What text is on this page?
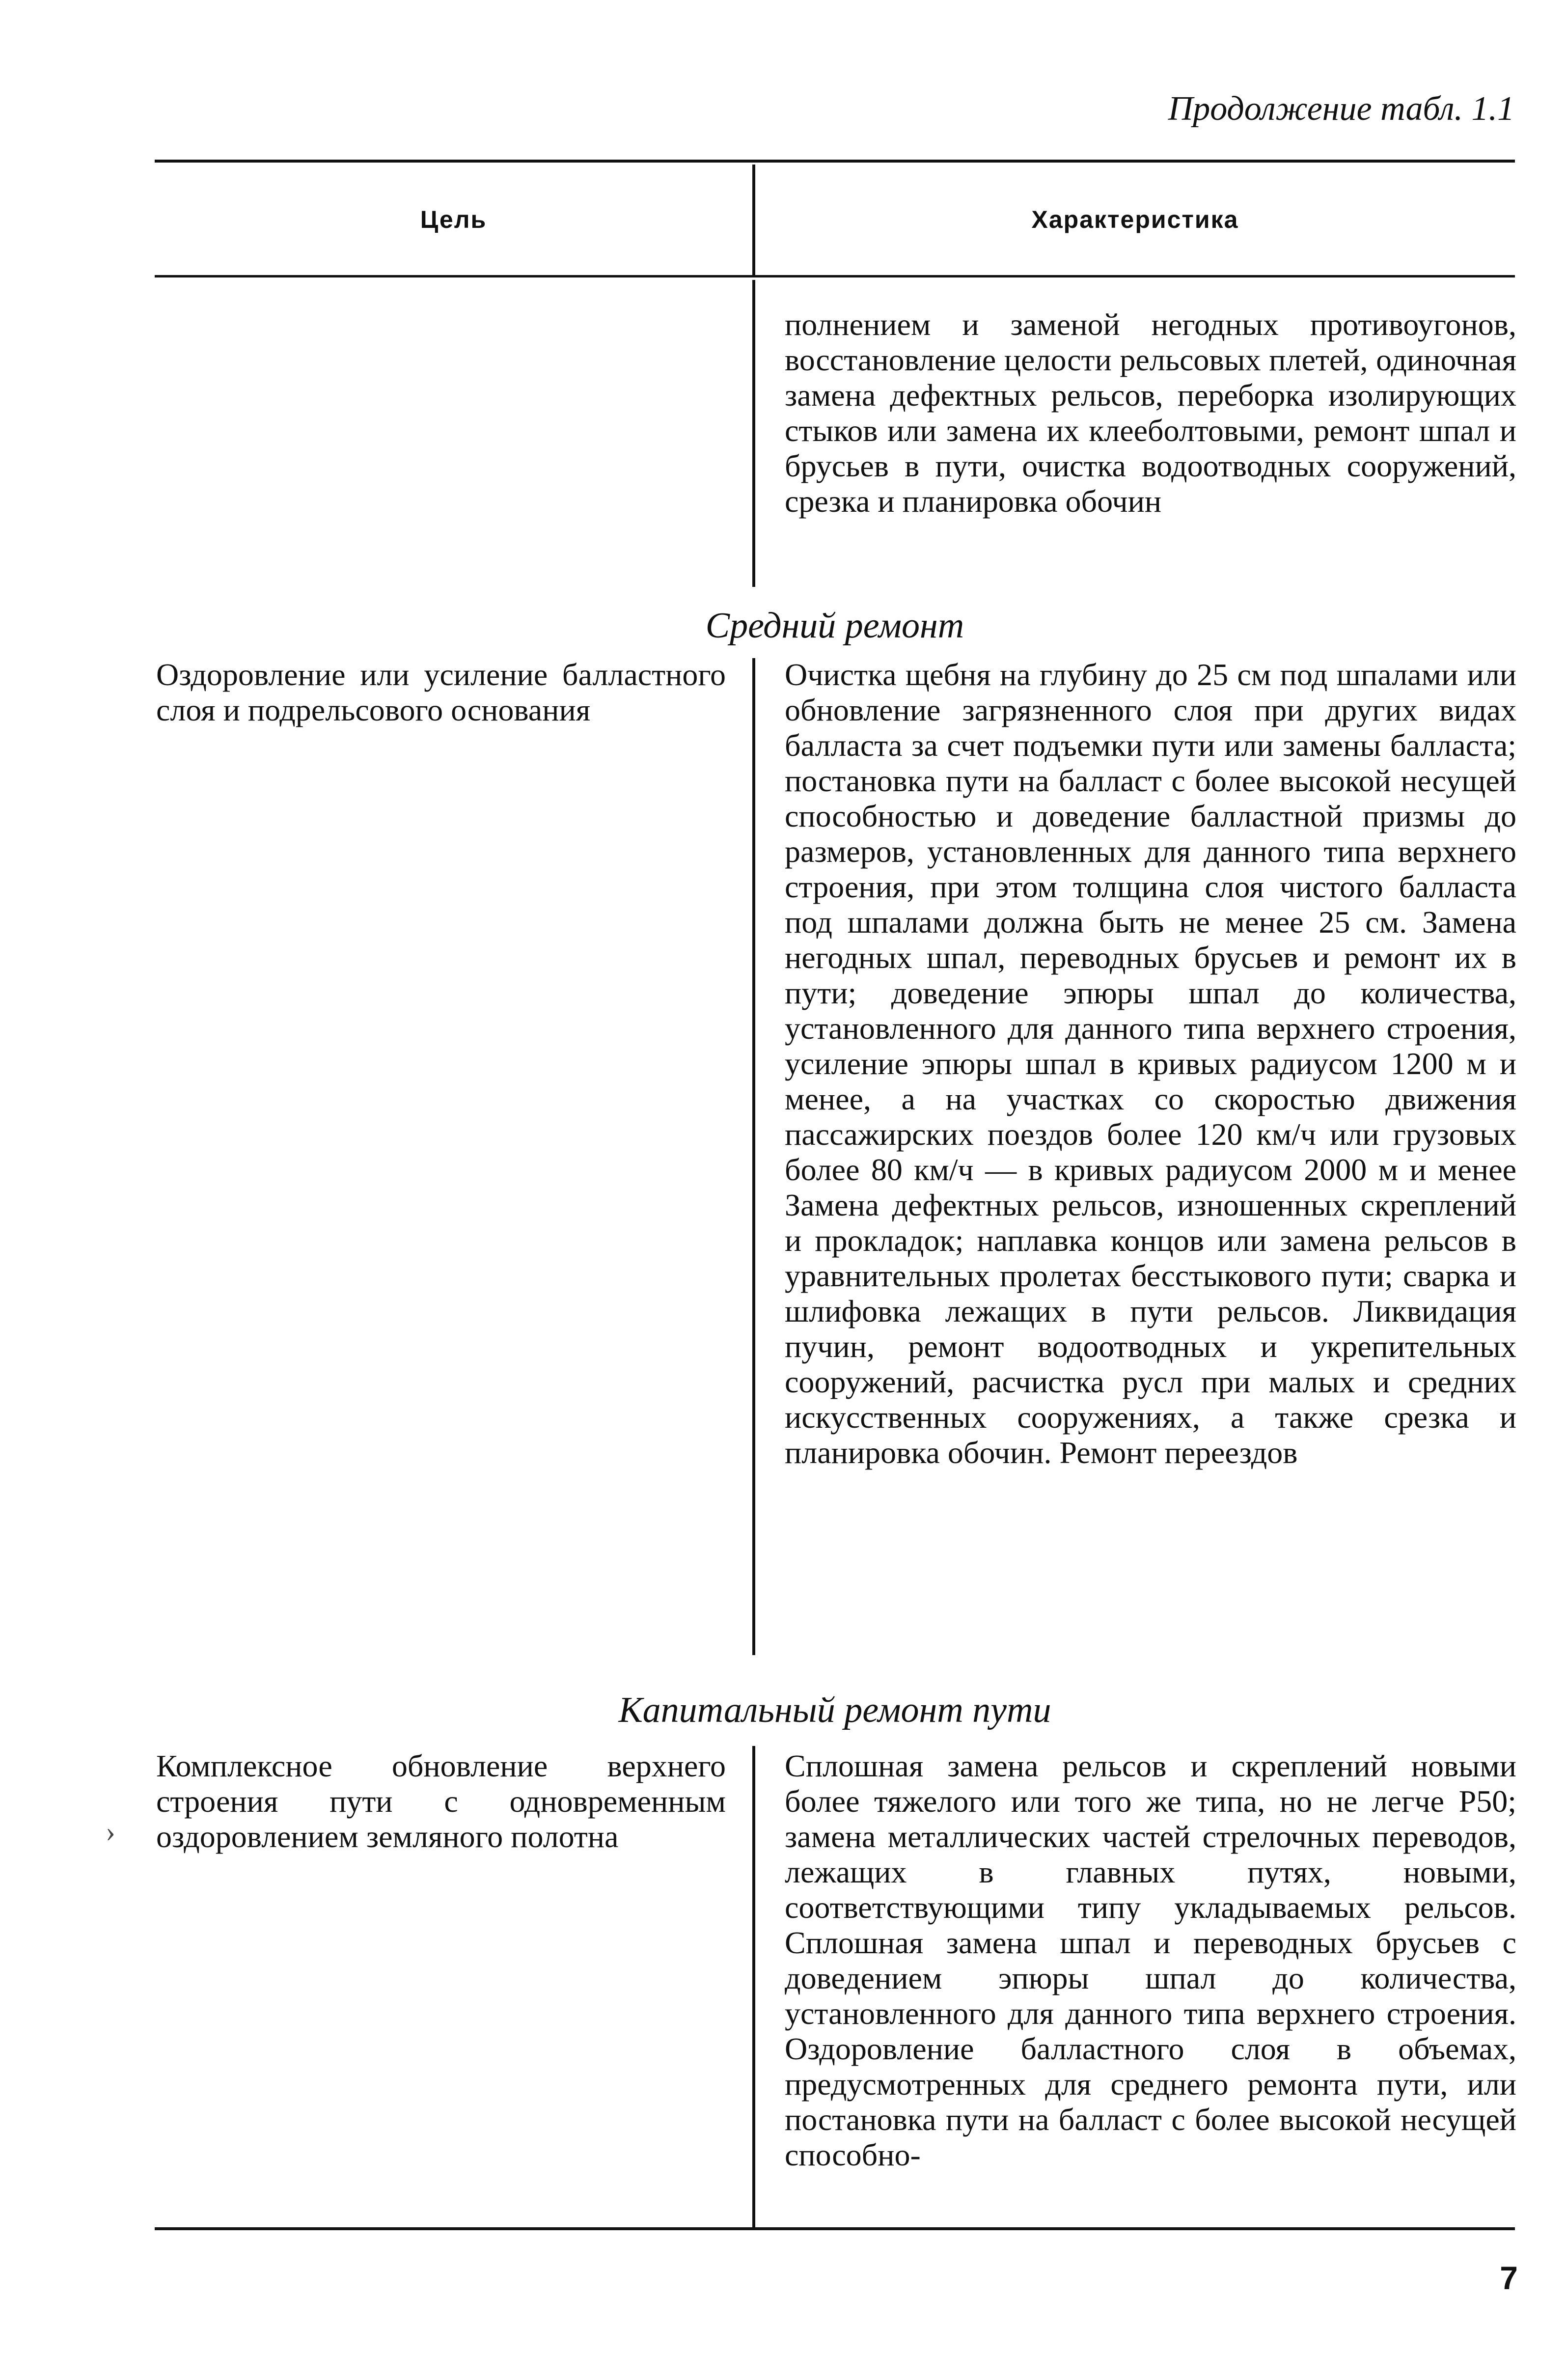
Продолжение табл. 1.1
Цель	Характеристика
полнением и заменой негодных противоугонов, восстановление целости рельсовых плетей, одиночная замена дефектных рельсов, переборка изолирующих стыков или замена их клееболтовыми, ремонт шпал и брусьев в пути, очистка водоотводных сооружений, срезка и планировка обочин
Средний ремонт
Оздоровление или усиление балластного слоя и подрельсового основания
Очистка щебня на глубину до 25 см под шпалами или обновление загрязненного слоя при других видах балласта за счет подъемки пути или замены балласта; постановка пути на балласт с более высокой несущей способностью и доведение балластной призмы до размеров, установленных для данного типа верхнего строения, при этом толщина слоя чистого балласта под шпалами должна быть не менее 25 см. Замена негодных шпал, переводных брусьев и ремонт их в пути; доведение эпюры шпал до количества, установленного для данного типа верхнего строения, усиление эпюры шпал в кривых радиусом 1200 м и менее, а на участках со скоростью движения пассажирских поездов более 120 км/ч или грузовых более 80 км/ч — в кривых радиусом 2000 м и менее Замена дефектных рельсов, изношенных скреплений и прокладок; наплавка концов или замена рельсов в уравнительных пролетах бесстыкового пути; сварка и шлифовка лежащих в пути рельсов. Ликвидация пучин, ремонт водоотводных и укрепительных сооружений, расчистка русл при малых и средних искусственных сооружениях, а также срезка и планировка обочин. Ремонт переездов
Капитальный ремонт пути
›
Комплексное обновление верхнего строения пути с одновременным оздоровлением земляного полотна
Сплошная замена рельсов и скреплений новыми более тяжелого или того же типа, но не легче Р50; замена металлических частей стрелочных переводов, лежащих в главных путях, новыми, соответствующими типу укладываемых рельсов. Сплошная замена шпал и переводных брусьев с доведением эпюры шпал до количества, установленного для данного типа верхнего строения. Оздоровление балластного слоя в объемах, предусмотренных для среднего ремонта пути, или постановка пути на балласт с более высокой несущей способно-
7
